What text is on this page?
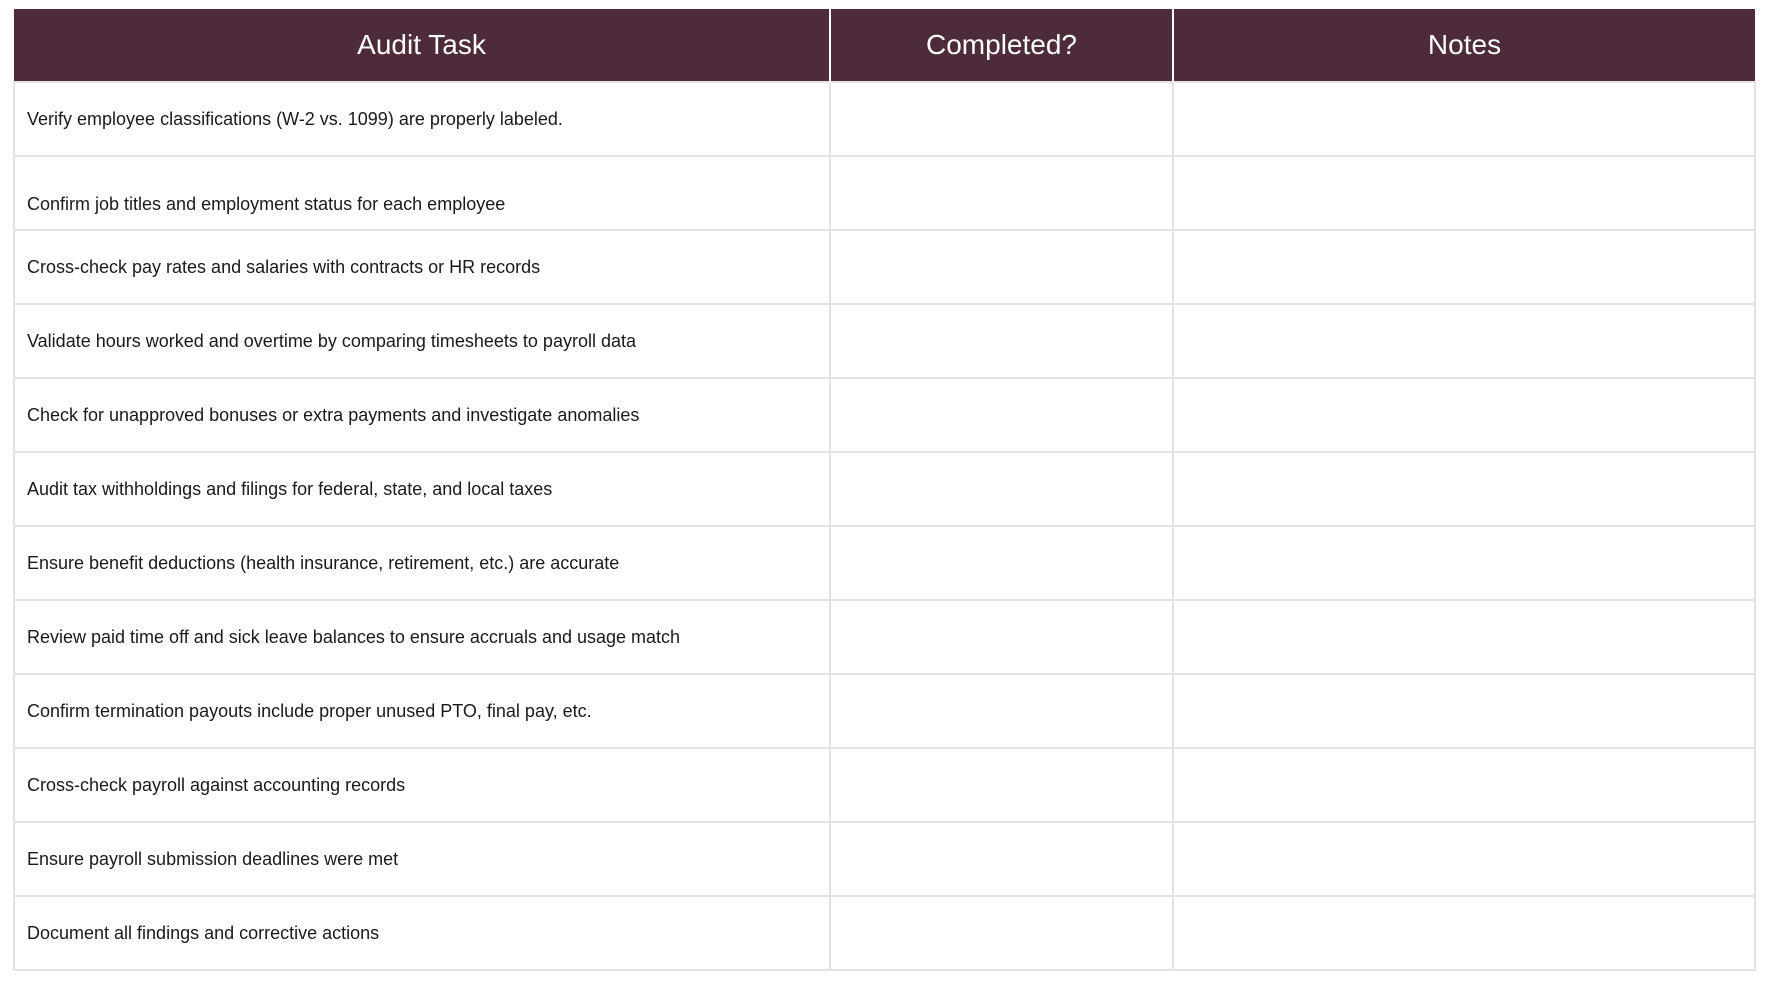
Audit Task	Completed?	Notes
Verify employee classifications (W-2 vs. 1099) are properly labeled.		
Confirm job titles and employment status for each employee		
Cross-check pay rates and salaries with contracts or HR records		
Validate hours worked and overtime by comparing timesheets to payroll data		
Check for unapproved bonuses or extra payments and investigate anomalies		
Audit tax withholdings and filings for federal, state, and local taxes		
Ensure benefit deductions (health insurance, retirement, etc.) are accurate		
Review paid time off and sick leave balances to ensure accruals and usage match		
Confirm termination payouts include proper unused PTO, final pay, etc.		
Cross-check payroll against accounting records		
Ensure payroll submission deadlines were met		
Document all findings and corrective actions		
